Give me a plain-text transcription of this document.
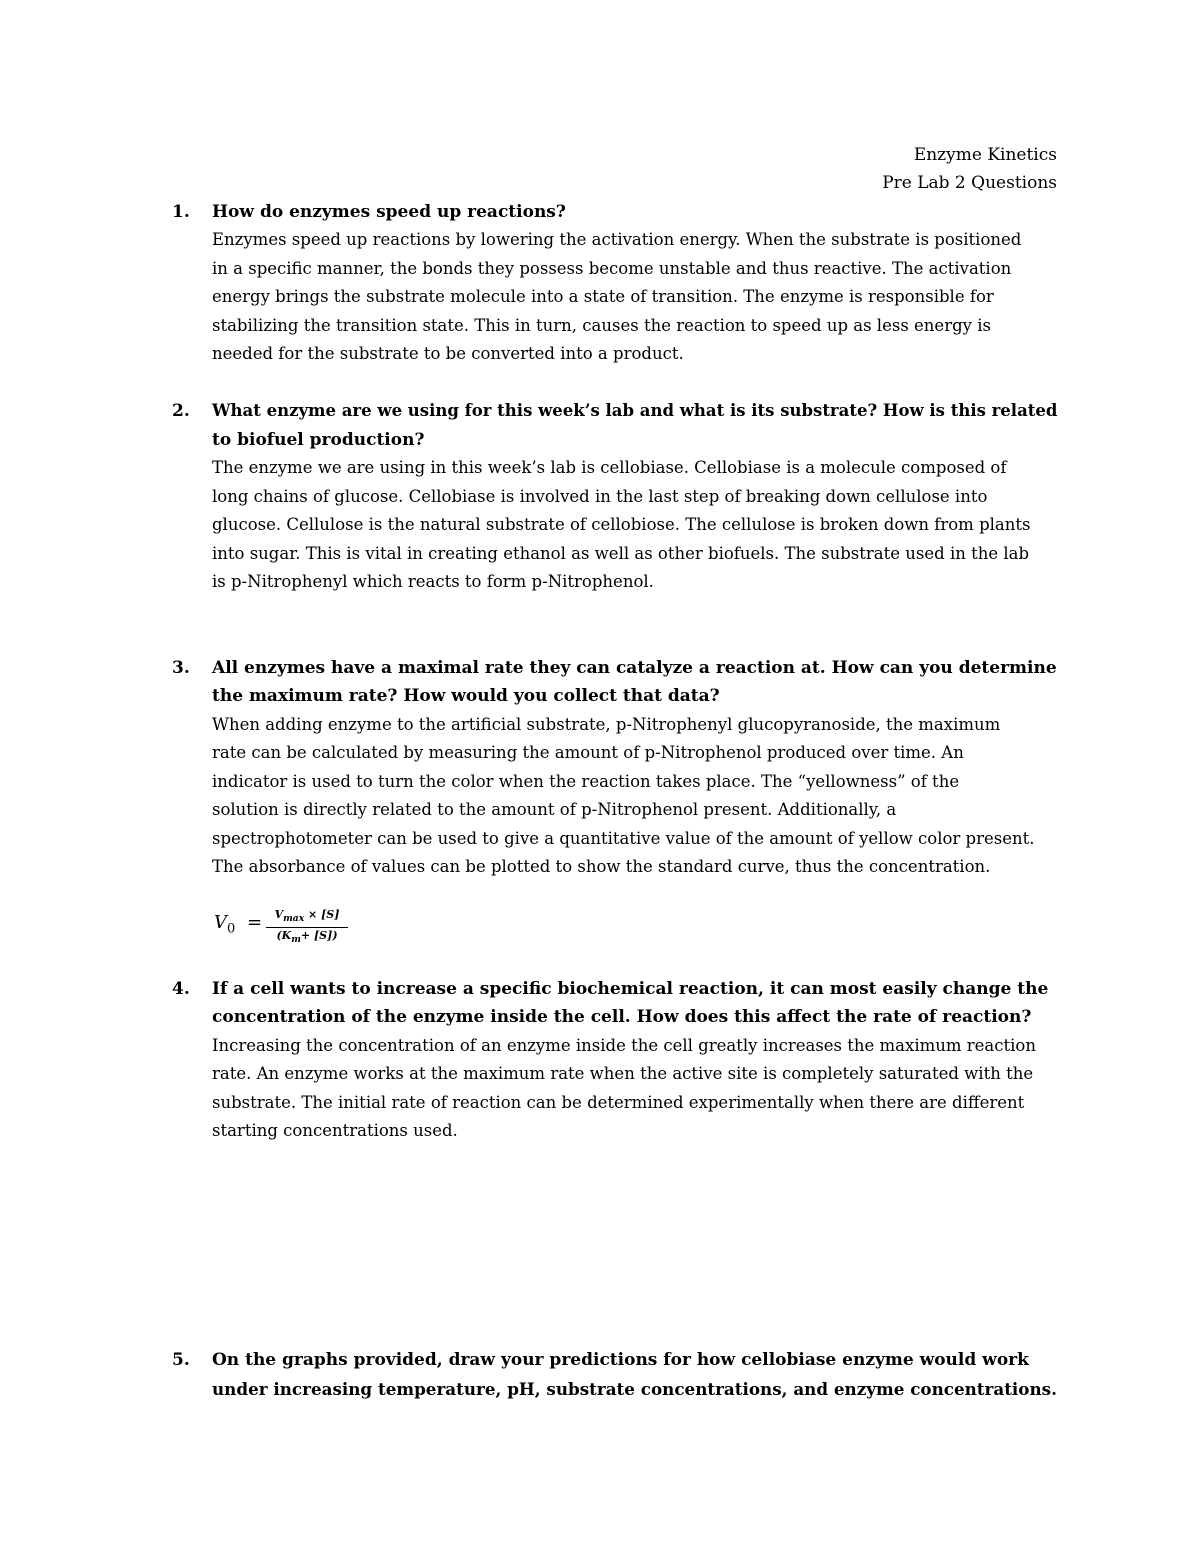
Enzyme Kinetics
Pre Lab 2 Questions
1. How do enzymes speed up reactions?
Enzymes speed up reactions by lowering the activation energy. When the substrate is positioned
in a specific manner, the bonds they possess become unstable and thus reactive. The activation
energy brings the substrate molecule into a state of transition. The enzyme is responsible for
stabilizing the transition state. This in turn, causes the reaction to speed up as less energy is
needed for the substrate to be converted into a product.
2. What enzyme are we using for this week’s lab and what is its substrate? How is this related
to biofuel production?
The enzyme we are using in this week’s lab is cellobiase. Cellobiase is a molecule composed of
long chains of glucose. Cellobiase is involved in the last step of breaking down cellulose into
glucose. Cellulose is the natural substrate of cellobiose. The cellulose is broken down from plants
into sugar. This is vital in creating ethanol as well as other biofuels. The substrate used in the lab
is p-Nitrophenyl which reacts to form p-Nitrophenol.
3. All enzymes have a maximal rate they can catalyze a reaction at. How can you determine
the maximum rate? How would you collect that data?
When adding enzyme to the artificial substrate, p-Nitrophenyl glucopyranoside, the maximum
rate can be calculated by measuring the amount of p-Nitrophenol produced over time. An
indicator is used to turn the color when the reaction takes place. The “yellowness” of the
solution is directly related to the amount of p-Nitrophenol present. Additionally, a
spectrophotometer can be used to give a quantitative value of the amount of yellow color present.
The absorbance of values can be plotted to show the standard curve, thus the concentration.
$V_0$ =	$V_{max} \times [S]$
$(K_m+ [S])$
4. If a cell wants to increase a specific biochemical reaction, it can most easily change the
concentration of the enzyme inside the cell. How does this affect the rate of reaction?
Increasing the concentration of an enzyme inside the cell greatly increases the maximum reaction
rate. An enzyme works at the maximum rate when the active site is completely saturated with the
substrate. The initial rate of reaction can be determined experimentally when there are different
starting concentrations used.
5. On the graphs provided, draw your predictions for how cellobiase enzyme would work
under increasing temperature, pH, substrate concentrations, and enzyme concentrations.
